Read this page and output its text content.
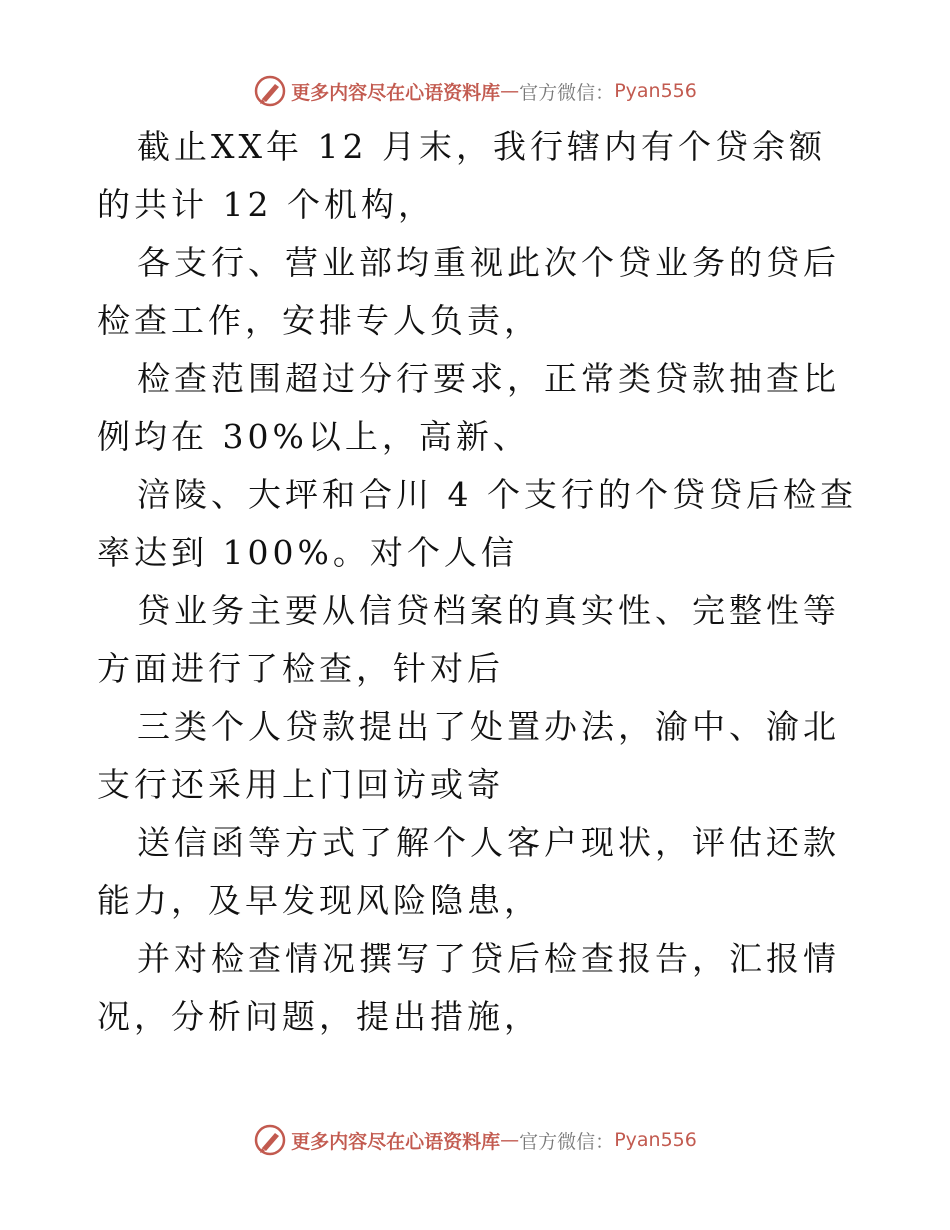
更多内容尽在心语资料库 — 官方微信： Pyan556

截止XX年 12 月末，我行辖内有个贷余额的共计 12 个机构，

各支行、营业部均重视此次个贷业务的贷后检查工作，安排专人负责，

检查范围超过分行要求，正常类贷款抽查比例均在 30%以上，高新、

涪陵、大坪和合川 4 个支行的个贷贷后检查率达到 100%。对个人信

贷业务主要从信贷档案的真实性、完整性等方面进行了检查，针对后

三类个人贷款提出了处置办法，渝中、渝北支行还采用上门回访或寄

送信函等方式了解个人客户现状，评估还款能力，及早发现风险隐患，

并对检查情况撰写了贷后检查报告，汇报情况，分析问题，提出措施，

更多内容尽在心语资料库 — 官方微信： Pyan556
